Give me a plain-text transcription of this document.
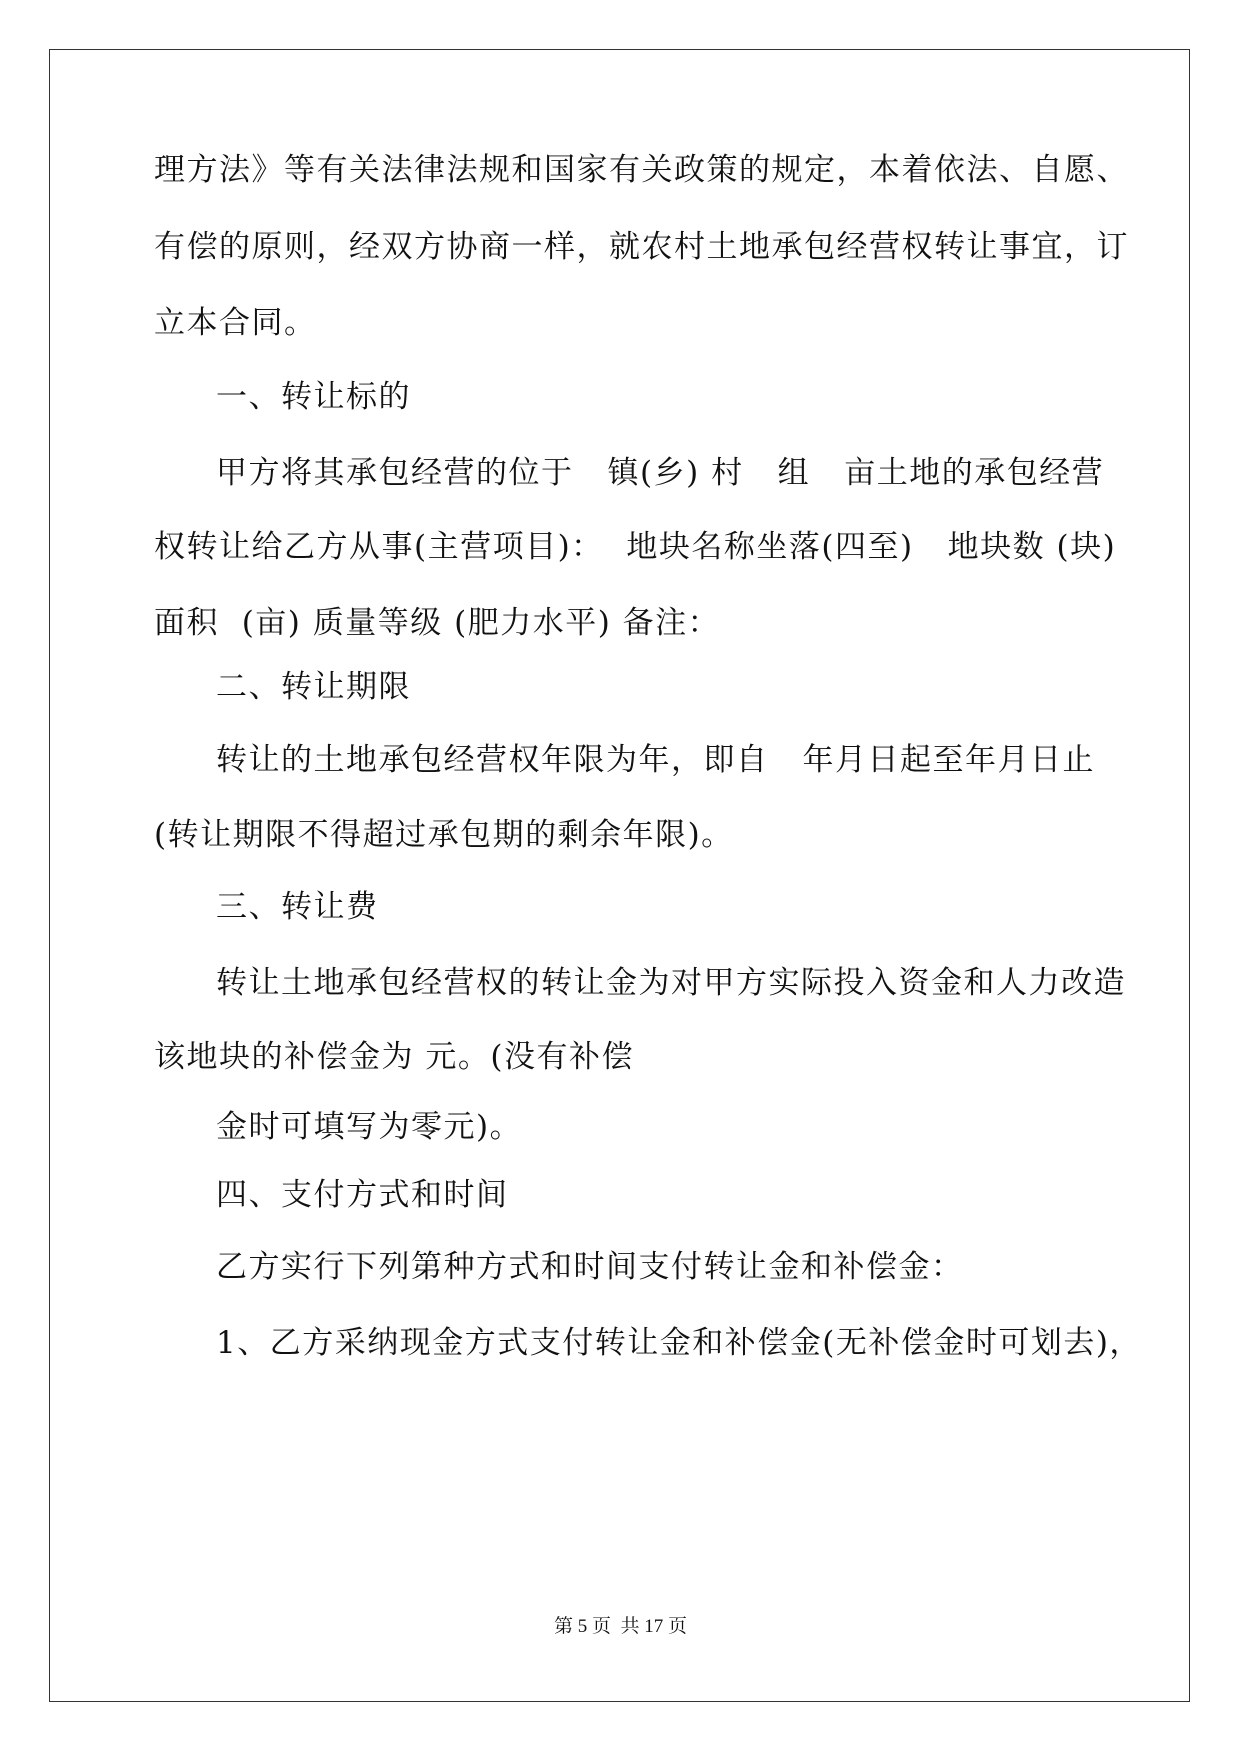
理方法》等有关法律法规和国家有关政策的规定，本着依法、自愿、
有偿的原则，经双方协商一样，就农村土地承包经营权转让事宜，订
立本合同。
一、转让标的
甲方将其承包经营的位于   镇(乡) 村   组   亩土地的承包经营
权转让给乙方从事(主营项目)：  地块名称坐落(四至)   地块数 (块)
面积  (亩) 质量等级 (肥力水平) 备注：
二、转让期限
转让的土地承包经营权年限为年，即自   年月日起至年月日止
(转让期限不得超过承包期的剩余年限)。
三、转让费
转让土地承包经营权的转让金为对甲方实际投入资金和人力改造
该地块的补偿金为 元。(没有补偿
金时可填写为零元)。
四、支付方式和时间
乙方实行下列第种方式和时间支付转让金和补偿金：
1、乙方采纳现金方式支付转让金和补偿金(无补偿金时可划去)，
第 5 页  共 17 页
